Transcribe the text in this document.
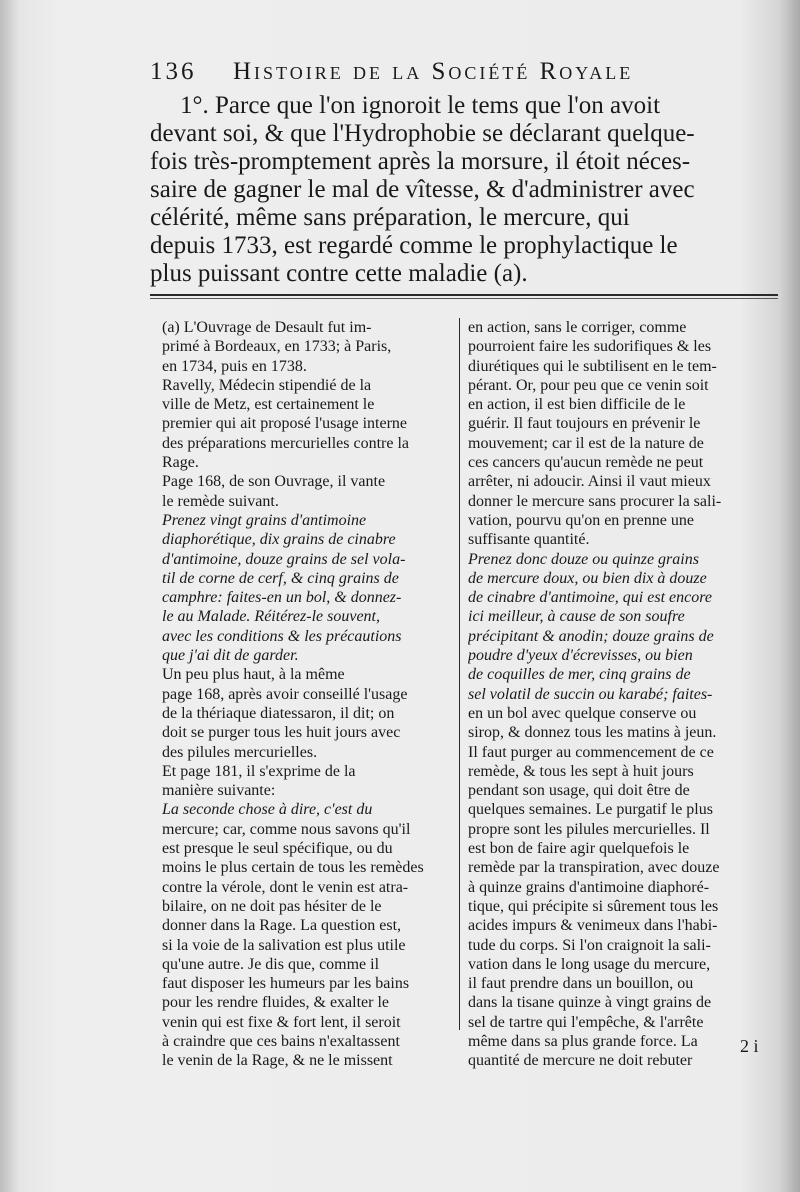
136 Histoire de la Société Royale
1°. Parce que l'on ignoroit le tems que l'on avoit
devant soi, & que l'Hydrophobie se déclarant quelque-
fois très-promptement après la morsure, il étoit néces-
saire de gagner le mal de vîtesse, & d'administrer avec
célérité, même sans préparation, le mercure, qui
depuis 1733, est regardé comme le prophylactique le
plus puissant contre cette maladie (a).
(a) L'Ouvrage de Desault fut im-
primé à Bordeaux, en 1733; à Paris,
en 1734, puis en 1738.
Ravelly, Médecin stipendié de la
ville de Metz, est certainement le
premier qui ait proposé l'usage interne
des préparations mercurielles contre la
Rage.
Page 168, de son Ouvrage, il vante
le remède suivant.
Prenez vingt grains d'antimoine
diaphorétique, dix grains de cinabre
d'antimoine, douze grains de sel vola-
til de corne de cerf, & cinq grains de
camphre: faites-en un bol, & donnez-
le au Malade. Réitérez-le souvent,
avec les conditions & les précautions
que j'ai dit de garder.
Un peu plus haut, à la même
page 168, après avoir conseillé l'usage
de la thériaque diatessaron, il dit; on
doit se purger tous les huit jours avec
des pilules mercurielles.
Et page 181, il s'exprime de la
manière suivante:
La seconde chose à dire, c'est du
mercure; car, comme nous savons qu'il
est presque le seul spécifique, ou du
moins le plus certain de tous les remèdes
contre la vérole, dont le venin est atra-
bilaire, on ne doit pas hésiter de le
donner dans la Rage. La question est,
si la voie de la salivation est plus utile
qu'une autre. Je dis que, comme il
faut disposer les humeurs par les bains
pour les rendre fluides, & exalter le
venin qui est fixe & fort lent, il seroit
à craindre que ces bains n'exaltassent
le venin de la Rage, & ne le missent
en action, sans le corriger, comme
pourroient faire les sudorifiques & les
diurétiques qui le subtilisent en le tem-
pérant. Or, pour peu que ce venin soit
en action, il est bien difficile de le
guérir. Il faut toujours en prévenir le
mouvement; car il est de la nature de
ces cancers qu'aucun remède ne peut
arrêter, ni adoucir. Ainsi il vaut mieux
donner le mercure sans procurer la sali-
vation, pourvu qu'on en prenne une
suffisante quantité.
Prenez donc douze ou quinze grains
de mercure doux, ou bien dix à douze
de cinabre d'antimoine, qui est encore
ici meilleur, à cause de son soufre
précipitant & anodin; douze grains de
poudre d'yeux d'écrevisses, ou bien
de coquilles de mer, cinq grains de
sel volatil de succin ou karabé; faites-
en un bol avec quelque conserve ou
sirop, & donnez tous les matins à jeun.
Il faut purger au commencement de ce
remède, & tous les sept à huit jours
pendant son usage, qui doit être de
quelques semaines. Le purgatif le plus
propre sont les pilules mercurielles. Il
est bon de faire agir quelquefois le
remède par la transpiration, avec douze
à quinze grains d'antimoine diaphoré-
tique, qui précipite si sûrement tous les
acides impurs & venimeux dans l'habi-
tude du corps. Si l'on craignoit la sali-
vation dans le long usage du mercure,
il faut prendre dans un bouillon, ou
dans la tisane quinze à vingt grains de
sel de tartre qui l'empêche, & l'arrête
même dans sa plus grande force. La
quantité de mercure ne doit rebuter
2 i
